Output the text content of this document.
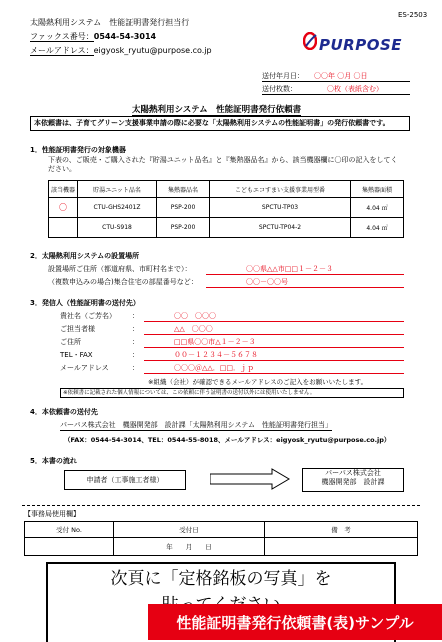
ES-2503
太陽熱利用システム　性能証明書発行担当行
ファックス番号：0544-54-3014
メールアドレス：eigyosk_ryutu@purpose.co.jp	PURPOSE
送付年月日： 〇〇年 〇月 〇日
送付枚数：	〇枚（表紙含む）
太陽熱利用システム　性能証明書発行依頼書
本依頼書は、子育てグリーン支援事業申請の際に必要な「太陽熱利用システムの性能証明書」の発行依頼書です。
1．性能証明書発行の対象機器
下表の、ご販売・ご購入された『貯湯ユニット品名』と『集熱器品名』から、該当機器欄に〇印の記入をしてください。
該当機器	貯湯ユニット品名	集熱器品名	こどもエコすまい支援事業用型番	集熱器面積
〇	CTU-GHS2401Z	PSP-200	SPCTU-TP03	4.04 ㎡
	CTU-S918	PSP-200	SPCTU-TP04-2	4.04 ㎡
2．太陽熱利用システムの設置場所
設置場所ご住所（都道府県、市町村名まで）：	〇〇県△△市□□１－２－３
（複数申込みの場合)集合住宅の部屋番号など：	〇〇－〇〇号
3．発信人（性能証明書の送付先）
貴社名（ご芳名） ：	〇〇　〇〇〇
ご担当者様	：	△△　〇〇〇
ご住所	：	□□県〇〇市△１－２－３
TEL・FAX	：	００－１２３４－５６７８
メールアドレス	：	〇〇〇＠△△．□□．ｊｐ
※組織（会社）が確認できるメールアドレスのご記入をお願いいたします。
※依頼書に記載された個人情報については、この依頼に伴う証明書の送付以外には使用いたしません。
4．本依頼書の送付先
パーパス株式会社　機器開発部　設計課「太陽熱利用システム　性能証明書発行担当」
（FAX：0544-54-3014、TEL：0544-55-8018、メールアドレス：eigyosk_ryutu@purpose.co.jp）
5．本書の流れ
申請者（工事施工者様）
パーパス株式会社
機器開発部　設計課
【事務局使用欄】
受付 No.	受付日	備　考
	年　　月　　日	
次頁に「定格銘板の写真」を
性能証明書発行依頼書(表)サンプル
